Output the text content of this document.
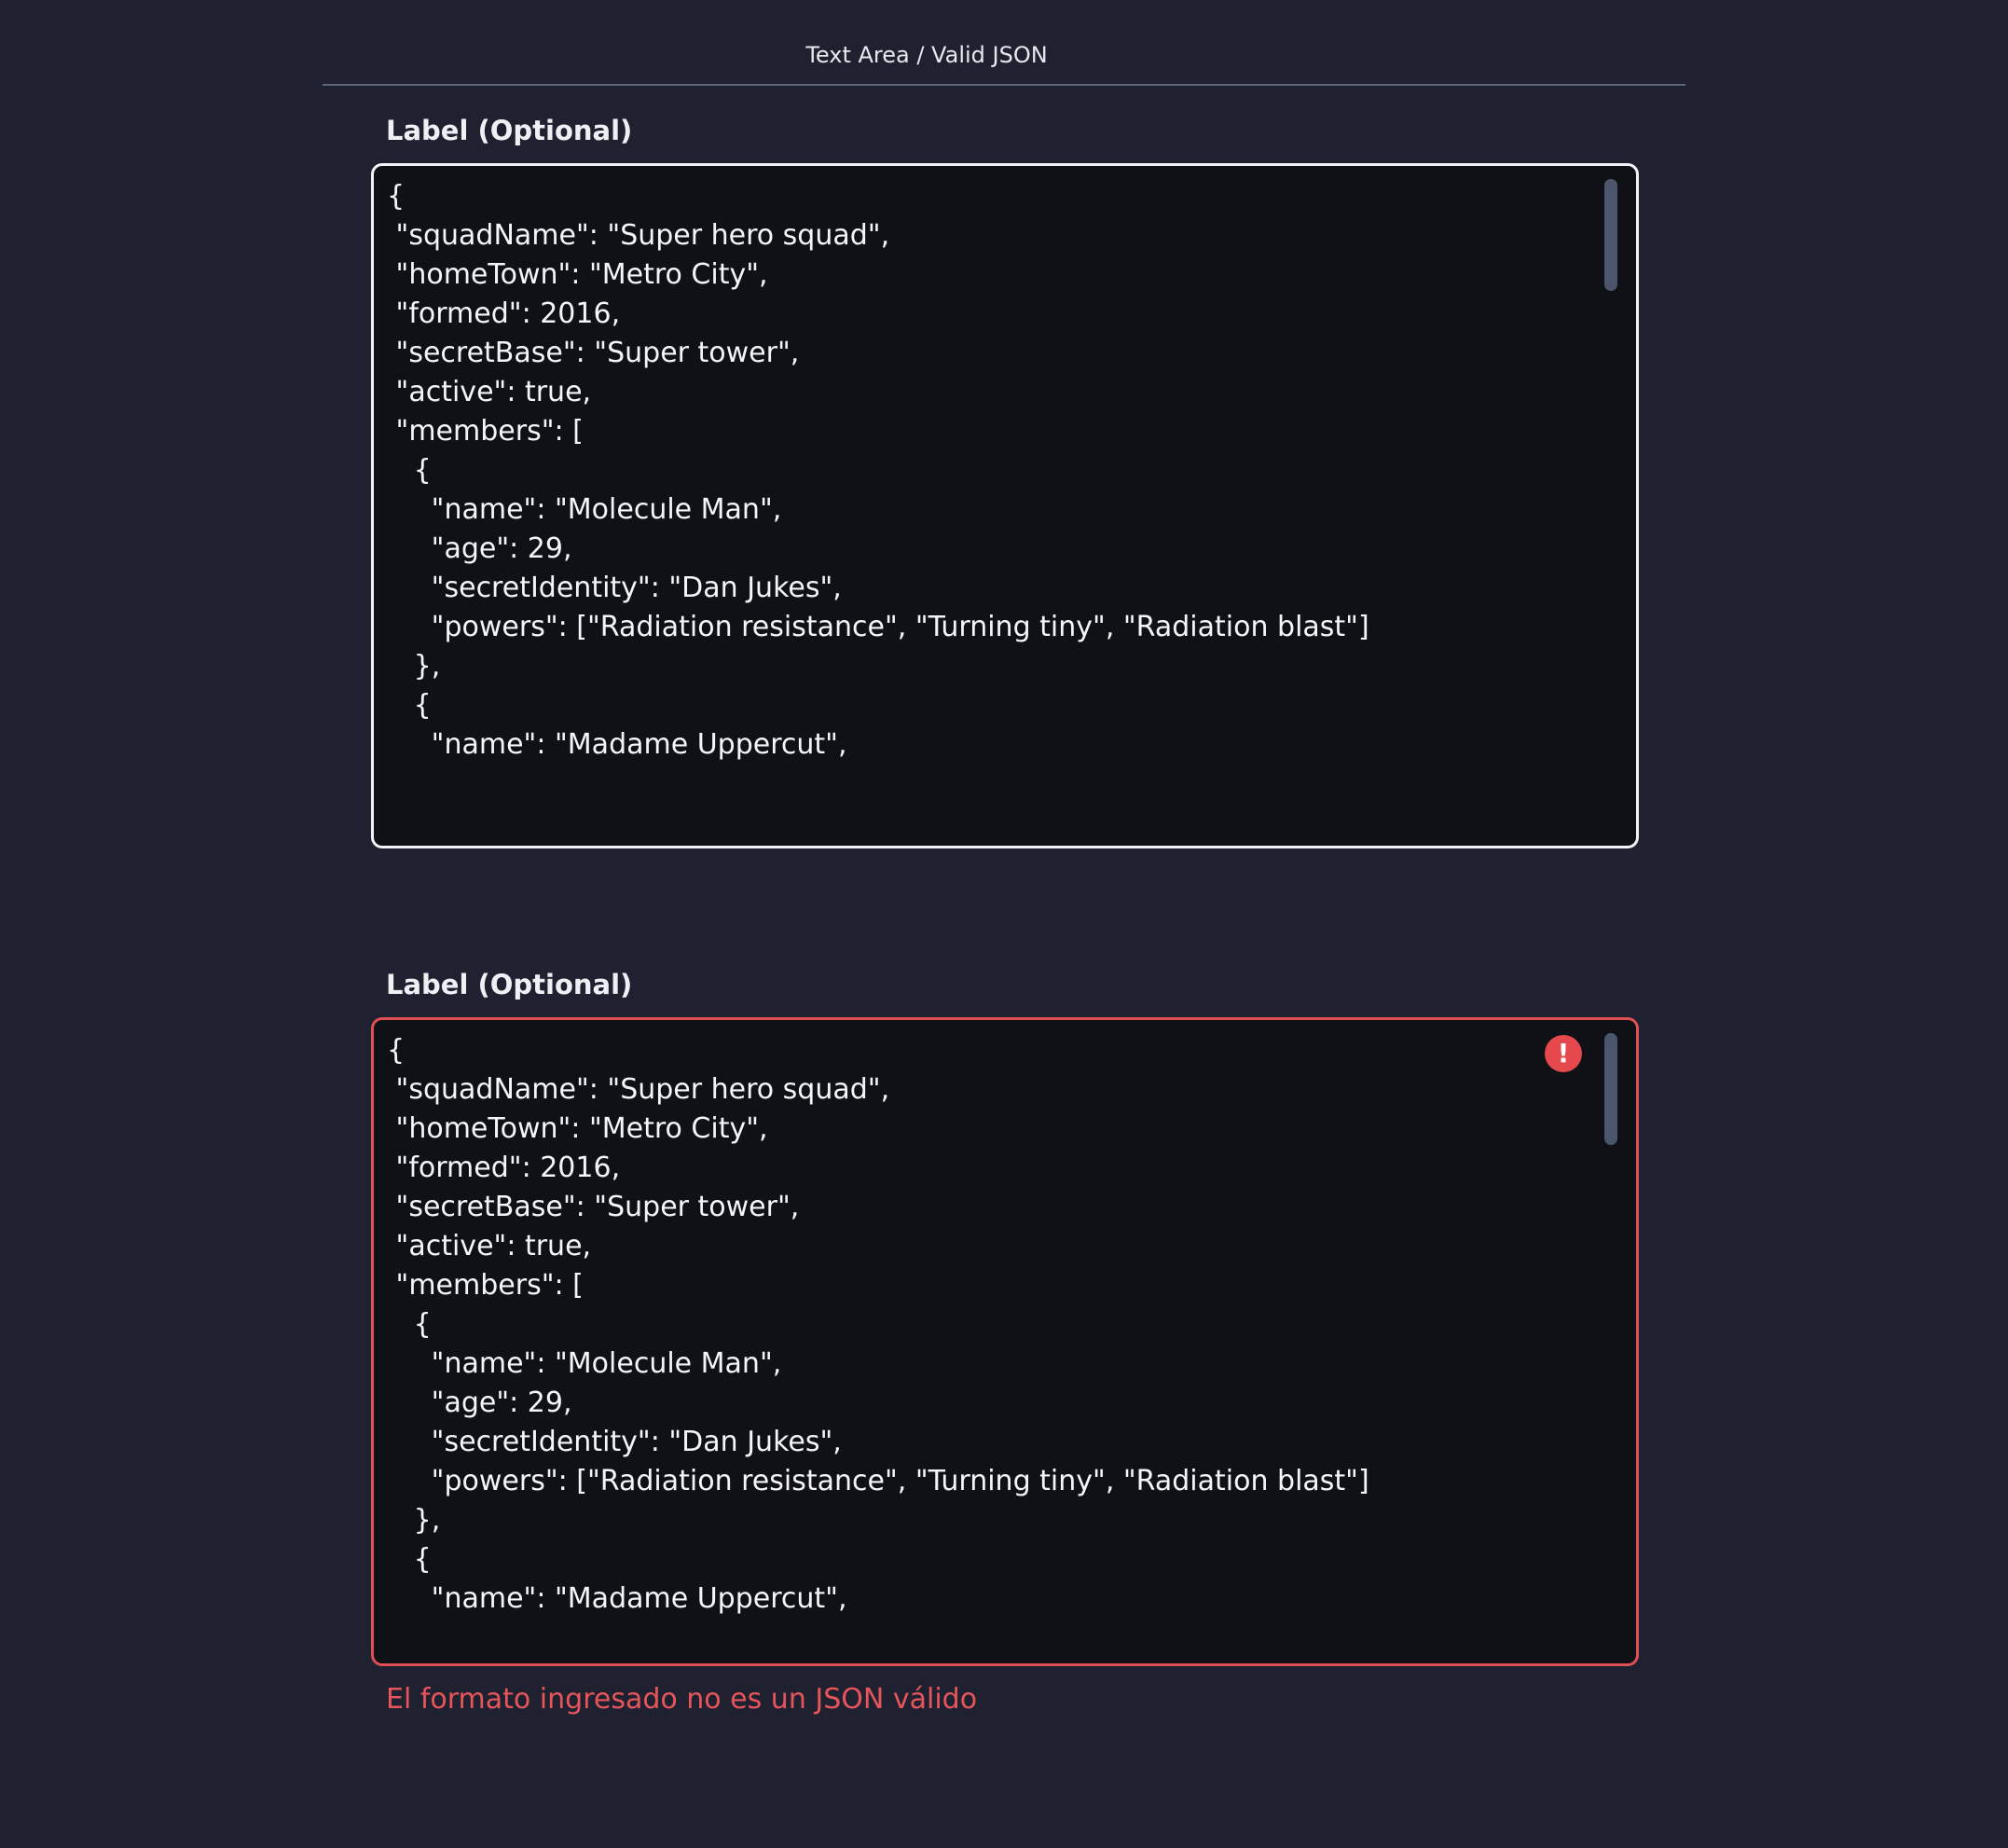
Text Area / Valid JSON
Label (Optional)
{
"squadName": "Super hero squad",
"homeTown": "Metro City",
"formed": 2016,
"secretBase": "Super tower",
"active": true,
"members": [
{
"name": "Molecule Man",
"age": 29,
"secretIdentity": "Dan Jukes",
"powers": ["Radiation resistance", "Turning tiny", "Radiation blast"]
},
{
"name": "Madame Uppercut",
Label (Optional)
{
"squadName": "Super hero squad",
"homeTown": "Metro City",
"formed": 2016,
"secretBase": "Super tower",
"active": true,
"members": [
{
"name": "Molecule Man",
"age": 29,
"secretIdentity": "Dan Jukes",
"powers": ["Radiation resistance", "Turning tiny", "Radiation blast"]
},
{
"name": "Madame Uppercut",
!
El formato ingresado no es un JSON válido
